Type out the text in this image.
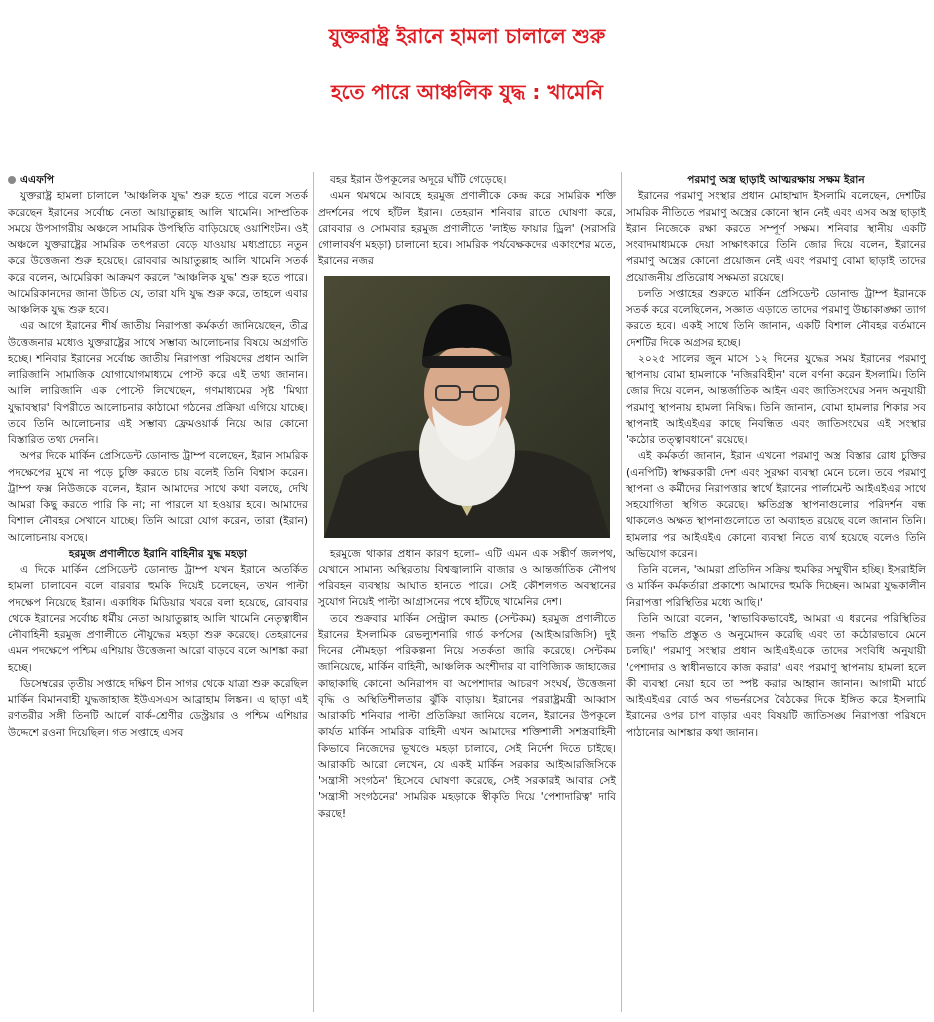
যুক্তরাষ্ট্র ইরানে হামলা চালালে শুরু
হতে পারে আঞ্চলিক যুদ্ধ : খামেনি

এএফপি

যুক্তরাষ্ট্র হামলা চালালে 'আঞ্চলিক যুদ্ধ' শুরু হতে পারে বলে সতর্ক করেছেন ইরানের সর্বোচ্চ নেতা আয়াতুল্লাহ আলি খামেনি। সাম্প্রতিক সময়ে উপসাগরীয় অঞ্চলে সামরিক উপস্থিতি বাড়িয়েছে ওয়াশিংটন। ওই অঞ্চলে যুক্তরাষ্ট্রের সামরিক তৎপরতা বেড়ে যাওয়ায় মধ্যপ্রাচ্যে নতুন করে উত্তেজনা শুরু হয়েছে। রোববার আয়াতুল্লাহ আলি খামেনি সতর্ক করে বলেন, আমেরিকা আক্রমণ করলে 'আঞ্চলিক যুদ্ধ' শুরু হতে পারে। আমেরিকানদের জানা উচিত যে, তারা যদি যুদ্ধ শুরু করে, তাহলে এবার আঞ্চলিক যুদ্ধ শুরু হবে।

এর আগে ইরানের শীর্ষ জাতীয় নিরাপত্তা কর্মকর্তা জানিয়েছেন, তীব্র উত্তেজনার মধ্যেও যুক্তরাষ্ট্রের সাথে সম্ভাব্য আলোচনার বিষয়ে অগ্রগতি হচ্ছে। শনিবার ইরানের সর্বোচ্চ জাতীয় নিরাপত্তা পরিষদের প্রধান আলি লারিজানি সামাজিক যোগাযোগমাধ্যমে পোস্ট করে এই তথ্য জানান। আলি লারিজানি এক পোস্টে লিখেছেন, গণমাধ্যমের সৃষ্ট 'মিথ্যা যুদ্ধাবস্থার' বিপরীতে আলোচনার কাঠামো গঠনের প্রক্রিয়া এগিয়ে যাচ্ছে। তবে তিনি আলোচনার এই সম্ভাব্য ফ্রেমওয়ার্ক নিয়ে আর কোনো বিস্তারিত তথ্য দেননি।

অপর দিকে মার্কিন প্রেসিডেন্ট ডোনাল্ড ট্রাম্প বলেছেন, ইরান সামরিক পদক্ষেপের মুখে না পড়ে চুক্তি করতে চায় বলেই তিনি বিশ্বাস করেন। ট্রাম্প ফক্স নিউজকে বলেন, ইরান আমাদের সাথে কথা বলছে, দেখি আমরা কিছু করতে পারি কি না; না পারলে যা হওয়ার হবে। আমাদের বিশাল নৌবহর সেখানে যাচ্ছে। তিনি আরো যোগ করেন, তারা (ইরান) আলোচনায় বসছে।

হরমুজ প্রণালীতে ইরানি বাহিনীর যুদ্ধ মহড়া

এ দিকে মার্কিন প্রেসিডেন্ট ডোনাল্ড ট্রাম্প যখন ইরানে অতর্কিত হামলা চালাবেন বলে বারবার হুমকি দিয়েই চলেছেন, তখন পাল্টা পদক্ষেপ নিয়েছে ইরান। একাধিক মিডিয়ার খবরে বলা হয়েছে, রোববার থেকে ইরানের সর্বোচ্চ ধর্মীয় নেতা আয়াতুল্লাহ আলি খামেনি নেতৃত্বাধীন নৌবাহিনী হরমুজ প্রণালীতে নৌযুদ্ধের মহড়া শুরু করেছে। তেহরানের এমন পদক্ষেপে পশ্চিম এশিয়ায় উত্তেজনা আরো বাড়বে বলে আশঙ্কা করা হচ্ছে।

ডিসেম্বরের তৃতীয় সপ্তাহে দক্ষিণ চীন সাগর থেকে যাত্রা শুরু করেছিল মার্কিন বিমানবাহী যুদ্ধজাহাজ ইউএসএস আব্রাহাম লিঙ্কন। এ ছাড়া এই রণতরীর সঙ্গী তিনটি আর্লে বার্ক-শ্রেণীর ডেস্ট্রয়ার ও পশ্চিম এশিয়ার উদ্দেশে রওনা দিয়েছিল। গত সপ্তাহে এসব

বহর ইরান উপকূলের অদূরে ঘাঁটি গেড়েছে।

এমন থমথমে আবহে হরমুজ প্রণালীকে কেন্দ্র করে সামরিক শক্তি প্রদর্শনের পথে হাঁটল ইরান। তেহরান শনিবার রাতে ঘোষণা করে, রোববার ও সোমবার হরমুজ প্রণালীতে 'লাইভ ফায়ার ড্রিল' (সরাসরি গোলাবর্ষণ মহড়া) চালানো হবে। সামরিক পর্যবেক্ষকদের একাংশের মতে, ইরানের নজর

হরমুজে থাকার প্রধান কারণ হলো– এটি এমন এক সঙ্কীর্ণ জলপথ, যেখানে সামান্য অস্থিরতায় বিশ্বজ্বালানি বাজার ও আন্তর্জাতিক নৌপথ পরিবহন ব্যবস্থায় আঘাত হানতে পারে। সেই কৌশলগত অবস্থানের সুযোগ নিয়েই পাল্টা আগ্রাসনের পথে হাঁটছে খামেনির দেশ।

তবে শুক্রবার মার্কিন সেন্ট্রাল কমান্ড (সেন্টকম) হরমুজ প্রণালীতে ইরানের ইসলামিক রেভল্যুশনারি গার্ড কর্পসের (আইআরজিসি) দুই দিনের নৌমহড়া পরিকল্পনা নিয়ে সতর্কতা জারি করেছে। সেন্টকম জানিয়েছে, মার্কিন বাহিনী, আঞ্চলিক অংশীদার বা বাণিজ্যিক জাহাজের কাছাকাছি কোনো অনিরাপদ বা অপেশাদার আচরণ সংঘর্ষ, উত্তেজনা বৃদ্ধি ও অস্থিতিশীলতার ঝুঁকি বাড়ায়। ইরানের পররাষ্ট্রমন্ত্রী আব্বাস আরাকচি শনিবার পাল্টা প্রতিক্রিয়া জানিয়ে বলেন, ইরানের উপকূলে কার্যত মার্কিন সামরিক বাহিনী এখন আমাদের শক্তিশালী সশস্ত্রবাহিনী কিভাবে নিজেদের ভূখণ্ডে মহড়া চালাবে, সেই নির্দেশ দিতে চাইছে। আরাকচি আরো লেখেন, যে একই মার্কিন সরকার আইআরজিসিকে 'সন্ত্রাসী সংগঠন' হিসেবে ঘোষণা করেছে, সেই সরকারই আবার সেই 'সন্ত্রাসী সংগঠনের' সামরিক মহড়াকে স্বীকৃতি দিয়ে 'পেশাদারিত্ব' দাবি করছে!

পরমাণু অস্ত্র ছাড়াই আত্মরক্ষায় সক্ষম ইরান

ইরানের পরমাণু সংস্থার প্রধান মোহাম্মাদ ইসলামি বলেছেন, দেশটির সামরিক নীতিতে পরমাণু অস্ত্রের কোনো স্থান নেই এবং এসব অস্ত্র ছাড়াই ইরান নিজেকে রক্ষা করতে সম্পূর্ণ সক্ষম। শনিবার স্থানীয় একটি সংবাদমাধ্যমকে দেয়া সাক্ষাৎকারে তিনি জোর দিয়ে বলেন, ইরানের পরমাণু অস্ত্রের কোনো প্রয়োজন নেই এবং পরমাণু বোমা ছাড়াই তাদের প্রয়োজনীয় প্রতিরোধ সক্ষমতা রয়েছে।

চলতি সপ্তাহের শুরুতে মার্কিন প্রেসিডেন্ট ডোনাল্ড ট্রাম্প ইরানকে সতর্ক করে বলেছিলেন, সজ্ঞাত এড়াতে তাদের পরমাণু উচ্চাকাঙ্ক্ষা ত্যাগ করতে হবে। একই সাথে তিনি জানান, একটি বিশাল নৌবহর বর্তমানে দেশটির দিকে অগ্রসর হচ্ছে।

২০২৫ সালের জুন মাসে ১২ দিনের যুদ্ধের সময় ইরানের পরমাণু স্থাপনায় বোমা হামলাকে 'নজিরবিহীন' বলে বর্ণনা করেন ইসলামি। তিনি জোর দিয়ে বলেন, আন্তর্জাতিক আইন এবং জাতিসংঘের সনদ অনুযায়ী পরমাণু স্থাপনায় হামলা নিষিদ্ধ। তিনি জানান, বোমা হামলার শিকার সব স্থাপনাই আইএইএর কাছে নিবন্ধিত এবং জাতিসংঘের এই সংস্থার 'কঠোর তত্ত্বাবধানে' রয়েছে।

এই কর্মকর্তা জানান, ইরান এখনো পরমাণু অস্ত্র বিস্তার রোধ চুক্তির (এনপিটি) স্বাক্ষরকারী দেশ এবং সুরক্ষা ব্যবস্থা মেনে চলে। তবে পরমাণু স্থাপনা ও কর্মীদের নিরাপত্তার স্বার্থে ইরানের পার্লামেন্ট আইএইএর সাথে সহযোগিতা স্থগিত করেছে। ক্ষতিগ্রস্ত স্থাপনাগুলোর পরিদর্শন বন্ধ থাকলেও অক্ষত স্থাপনাগুলোতে তা অব্যাহত রয়েছে বলে জানান তিনি। হামলার পর আইএইএ কোনো ব্যবস্থা নিতে ব্যর্থ হয়েছে বলেও তিনি অভিযোগ করেন।

তিনি বলেন, 'আমরা প্রতিদিন সক্রিয় হুমকির সম্মুখীন হচ্ছি। ইসরাইলি ও মার্কিন কর্মকর্তারা প্রকাশ্যে আমাদের হুমকি দিচ্ছেন। আমরা যুদ্ধকালীন নিরাপত্তা পরিস্থিতির মধ্যে আছি।'

তিনি আরো বলেন, 'স্বাভাবিকভাবেই, আমরা এ ধরনের পরিস্থিতির জন্য পদ্ধতি প্রস্তুত ও অনুমোদন করেছি এবং তা কঠোরভাবে মেনে চলছি।' পরমাণু সংস্থার প্রধান আইএইএকে তাদের সংবিধি অনুযায়ী 'পেশাদার ও স্বাধীনভাবে কাজ করার' এবং পরমাণু স্থাপনায় হামলা হলে কী ব্যবস্থা নেয়া হবে তা স্পষ্ট করার আহ্বান জানান। আগামী মার্চে আইএইএর বোর্ড অব গভর্নরসের বৈঠকের দিকে ইঙ্গিত করে ইসলামি ইরানের ওপর চাপ বাড়ার এবং বিষয়টি জাতিসঙ্ঘ নিরাপত্তা পরিষদে পাঠানোর আশঙ্কার কথা জানান।
